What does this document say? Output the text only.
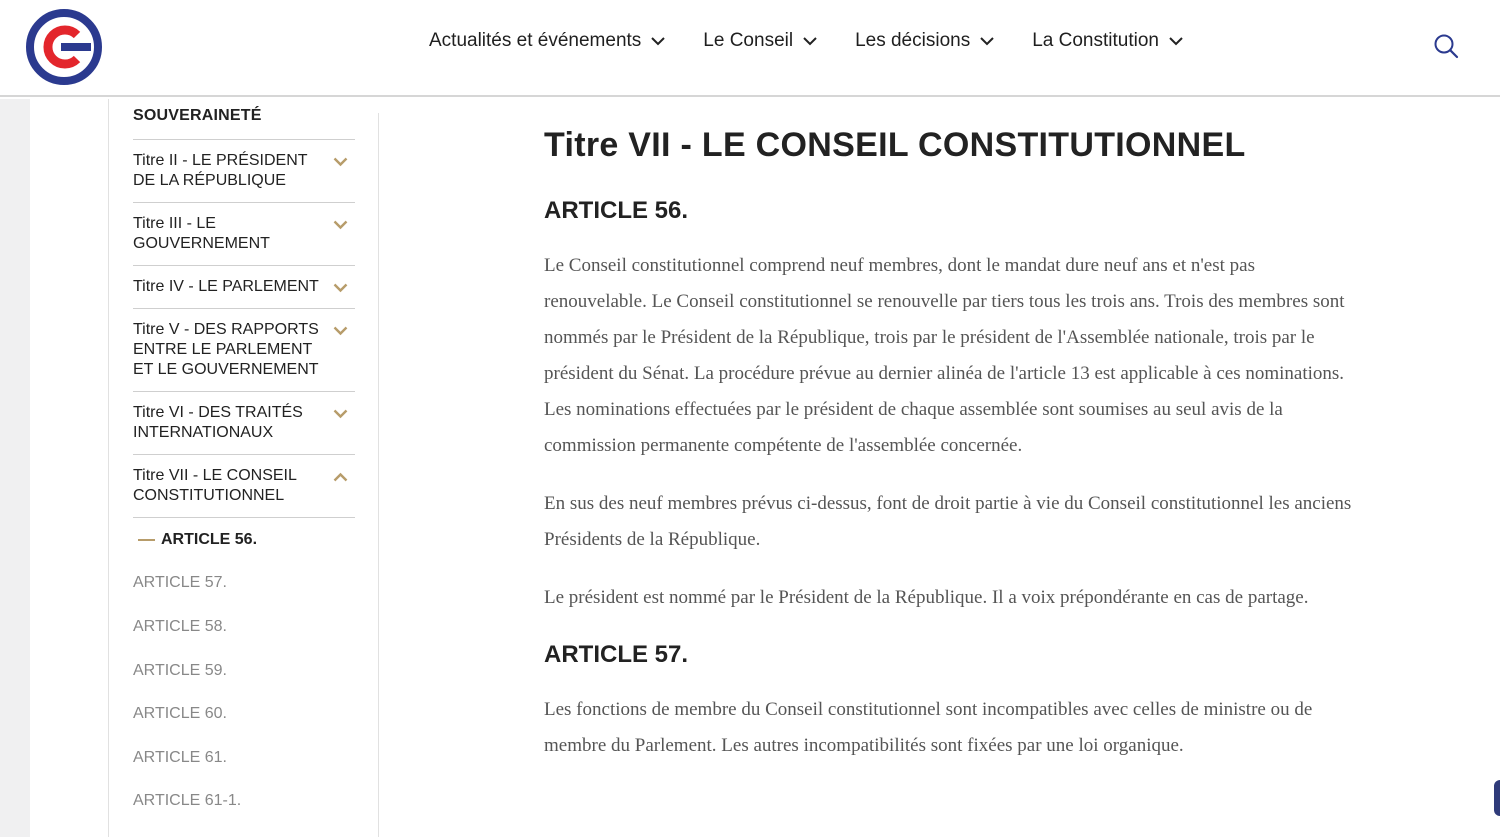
Actualités et événements	Le Conseil	Les décisions	La Constitution
SOUVERAINETÉ
Titre II - LE PRÉSIDENT DE LA RÉPUBLIQUE
Titre III - LE GOUVERNEMENT
Titre IV - LE PARLEMENT
Titre V - DES RAPPORTS ENTRE LE PARLEMENT ET LE GOUVERNEMENT
Titre VI - DES TRAITÉS INTERNATIONAUX
Titre VII - LE CONSEIL CONSTITUTIONNEL
ARTICLE 56.
ARTICLE 57.
ARTICLE 58.
ARTICLE 59.
ARTICLE 60.
ARTICLE 61.
ARTICLE 61-1.
Titre VII - LE CONSEIL CONSTITUTIONNEL
ARTICLE 56.

Le Conseil constitutionnel comprend neuf membres, dont le mandat dure neuf ans et n'est pas renouvelable. Le Conseil constitutionnel se renouvelle par tiers tous les trois ans. Trois des membres sont nommés par le Président de la République, trois par le président de l'Assemblée nationale, trois par le président du Sénat. La procédure prévue au dernier alinéa de l'article 13 est applicable à ces nominations. Les nominations effectuées par le président de chaque assemblée sont soumises au seul avis de la commission permanente compétente de l'assemblée concernée.

En sus des neuf membres prévus ci-dessus, font de droit partie à vie du Conseil constitutionnel les anciens Présidents de la République.

Le président est nommé par le Président de la République. Il a voix prépondérante en cas de partage.

ARTICLE 57.

Les fonctions de membre du Conseil constitutionnel sont incompatibles avec celles de ministre ou de membre du Parlement. Les autres incompatibilités sont fixées par une loi organique.
